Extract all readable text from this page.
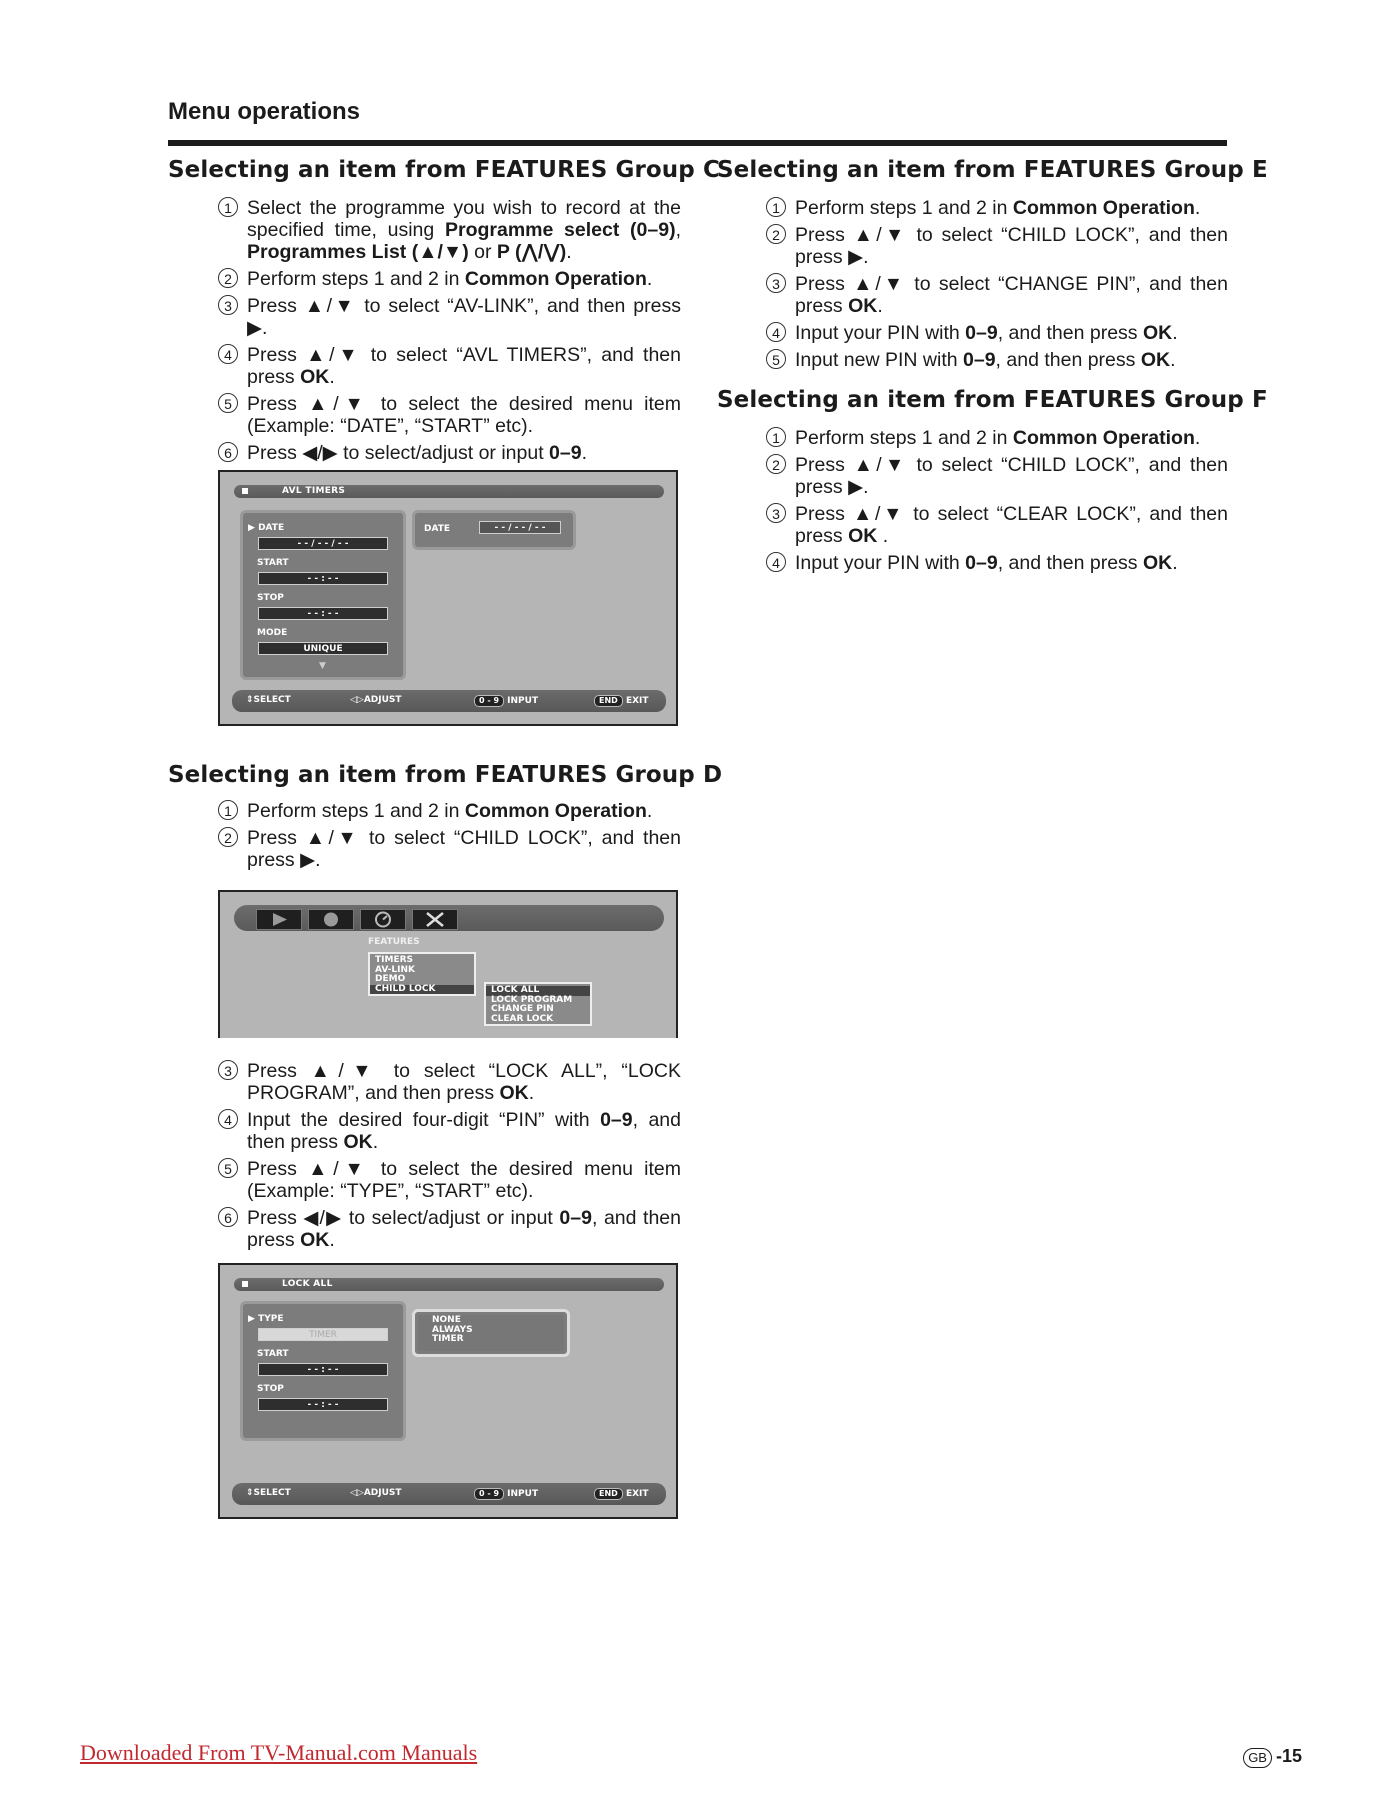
Menu operations
Selecting an item from FEATURES Group C
1 Select the programme you wish to record at the specified time, using Programme select (0–9), Programmes List (▲/▼) or P (⋀/⋁).
2 Perform steps 1 and 2 in Common Operation.
3 Press ▲/▼ to select “AV-LINK”, and then press ▶.
4 Press ▲/▼ to select “AVL TIMERS”, and then press OK.
5 Press ▲/▼ to select the desired menu item (Example: “DATE”, “START” etc).
6 Press ◀/▶ to select/adjust or input 0–9.
AVL TIMERS
▶ DATE
- - / - - / - -
START
- - : - -
STOP
- - : - -
MODE
UNIQUE
▼
DATE	- - / - - / - -
⇕SELECT	◁▷ADJUST	0 - 9 INPUT	END EXIT
Selecting an item from FEATURES Group D
1 Perform steps 1 and 2 in Common Operation.
2 Press ▲/▼ to select “CHILD LOCK”, and then press ▶.
FEATURES
TIMERS
AV-LINK
DEMO
CHILD LOCK	LOCK ALL
LOCK PROGRAM
CHANGE PIN
CLEAR LOCK
3 Press ▲/▼ to select “LOCK ALL”, “LOCK PROGRAM”, and then press OK.
4 Input the desired four-digit “PIN” with 0–9, and then press OK.
5 Press ▲/▼ to select the desired menu item (Example: “TYPE”, “START” etc).
6 Press ◀/▶ to select/adjust or input 0–9, and then press OK.
LOCK ALL
▶ TYPE
TIMER
START
- - : - -
STOP
- - : - -
NONE
ALWAYS
TIMER
⇕SELECT	◁▷ADJUST	0 - 9 INPUT	END EXIT
Selecting an item from FEATURES Group E
1 Perform steps 1 and 2 in Common Operation.
2 Press ▲/▼ to select “CHILD LOCK”, and then press ▶.
3 Press ▲/▼ to select “CHANGE PIN”, and then press OK.
4 Input your PIN with 0–9, and then press OK.
5 Input new PIN with 0–9, and then press OK.
Selecting an item from FEATURES Group F
1 Perform steps 1 and 2 in Common Operation.
2 Press ▲/▼ to select “CHILD LOCK”, and then press ▶.
3 Press ▲/▼ to select “CLEAR LOCK”, and then press OK .
4 Input your PIN with 0–9, and then press OK.
Downloaded From TV-Manual.com Manuals	GB -15
